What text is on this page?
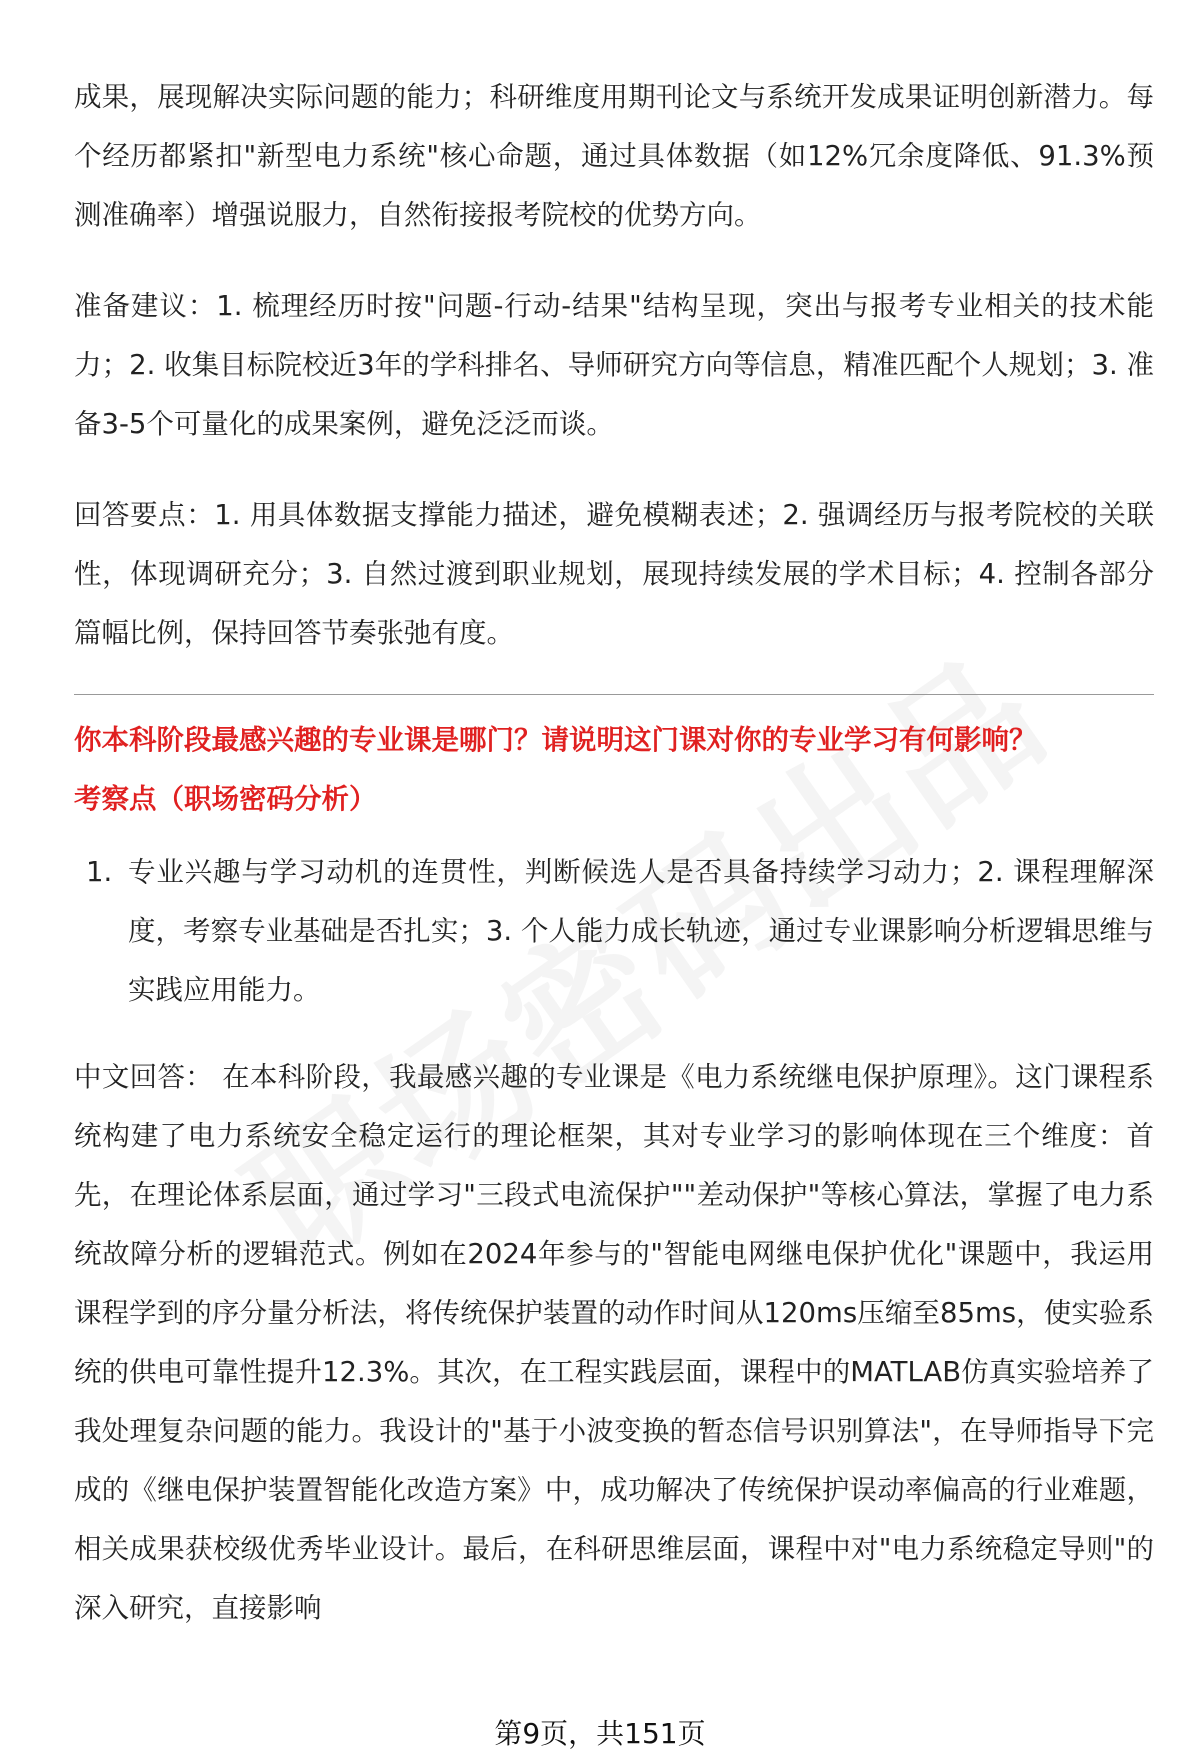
成果，展现解决实际问题的能力；科研维度用期刊论文与系统开发成果证明创新潜力。每个经历都紧扣"新型电力系统"核心命题，通过具体数据（如12%冗余度降低、91.3%预测准确率）增强说服力，自然衔接报考院校的优势方向。

准备建议：1. 梳理经历时按"问题-行动-结果"结构呈现，突出与报考专业相关的技术能力；2. 收集目标院校近3年的学科排名、导师研究方向等信息，精准匹配个人规划；3. 准备3-5个可量化的成果案例，避免泛泛而谈。

回答要点：1. 用具体数据支撑能力描述，避免模糊表述；2. 强调经历与报考院校的关联性，体现调研充分；3. 自然过渡到职业规划，展现持续发展的学术目标；4. 控制各部分篇幅比例，保持回答节奏张弛有度。

你本科阶段最感兴趣的专业课是哪门？请说明这门课对你的专业学习有何影响？

考察点（职场密码分析）

1. 专业兴趣与学习动机的连贯性，判断候选人是否具备持续学习动力；2. 课程理解深度，考察专业基础是否扎实；3. 个人能力成长轨迹，通过专业课影响分析逻辑思维与实践应用能力。

中文回答： 在本科阶段，我最感兴趣的专业课是《电力系统继电保护原理》。这门课程系统构建了电力系统安全稳定运行的理论框架，其对专业学习的影响体现在三个维度：首先，在理论体系层面，通过学习"三段式电流保护""差动保护"等核心算法，掌握了电力系统故障分析的逻辑范式。例如在2024年参与的"智能电网继电保护优化"课题中，我运用课程学到的序分量分析法，将传统保护装置的动作时间从120ms压缩至85ms，使实验系统的供电可靠性提升12.3%。其次，在工程实践层面，课程中的MATLAB仿真实验培养了我处理复杂问题的能力。我设计的"基于小波变换的暂态信号识别算法"，在导师指导下完成的《继电保护装置智能化改造方案》中，成功解决了传统保护误动率偏高的行业难题，相关成果获校级优秀毕业设计。最后，在科研思维层面，课程中对"电力系统稳定导则"的深入研究，直接影响

第9页，共151页
